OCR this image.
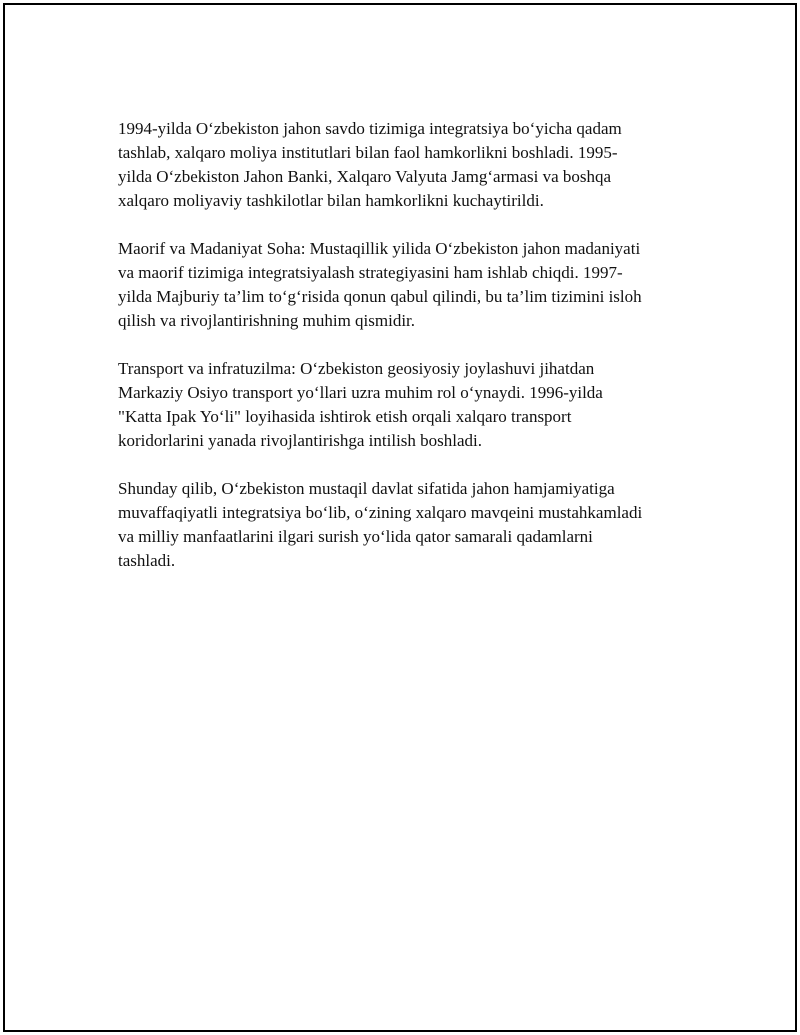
1994-yilda O‘zbekiston jahon savdo tizimiga integratsiya bo‘yicha qadam
tashlab, xalqaro moliya institutlari bilan faol hamkorlikni boshladi. 1995-
yilda O‘zbekiston Jahon Banki, Xalqaro Valyuta Jamg‘armasi va boshqa
xalqaro moliyaviy tashkilotlar bilan hamkorlikni kuchaytirildi.

Maorif va Madaniyat Soha: Mustaqillik yilida O‘zbekiston jahon madaniyati
va maorif tizimiga integratsiyalash strategiyasini ham ishlab chiqdi. 1997-
yilda Majburiy ta’lim to‘g‘risida qonun qabul qilindi, bu ta’lim tizimini isloh
qilish va rivojlantirishning muhim qismidir.

Transport va infratuzilma: O‘zbekiston geosiyosiy joylashuvi jihatdan
Markaziy Osiyo transport yo‘llari uzra muhim rol o‘ynaydi. 1996-yilda
"Katta Ipak Yo‘li" loyihasida ishtirok etish orqali xalqaro transport
koridorlarini yanada rivojlantirishga intilish boshladi.

Shunday qilib, O‘zbekiston mustaqil davlat sifatida jahon hamjamiyatiga
muvaffaqiyatli integratsiya bo‘lib, o‘zining xalqaro mavqeini mustahkamladi
va milliy manfaatlarini ilgari surish yo‘lida qator samarali qadamlarni
tashladi.
